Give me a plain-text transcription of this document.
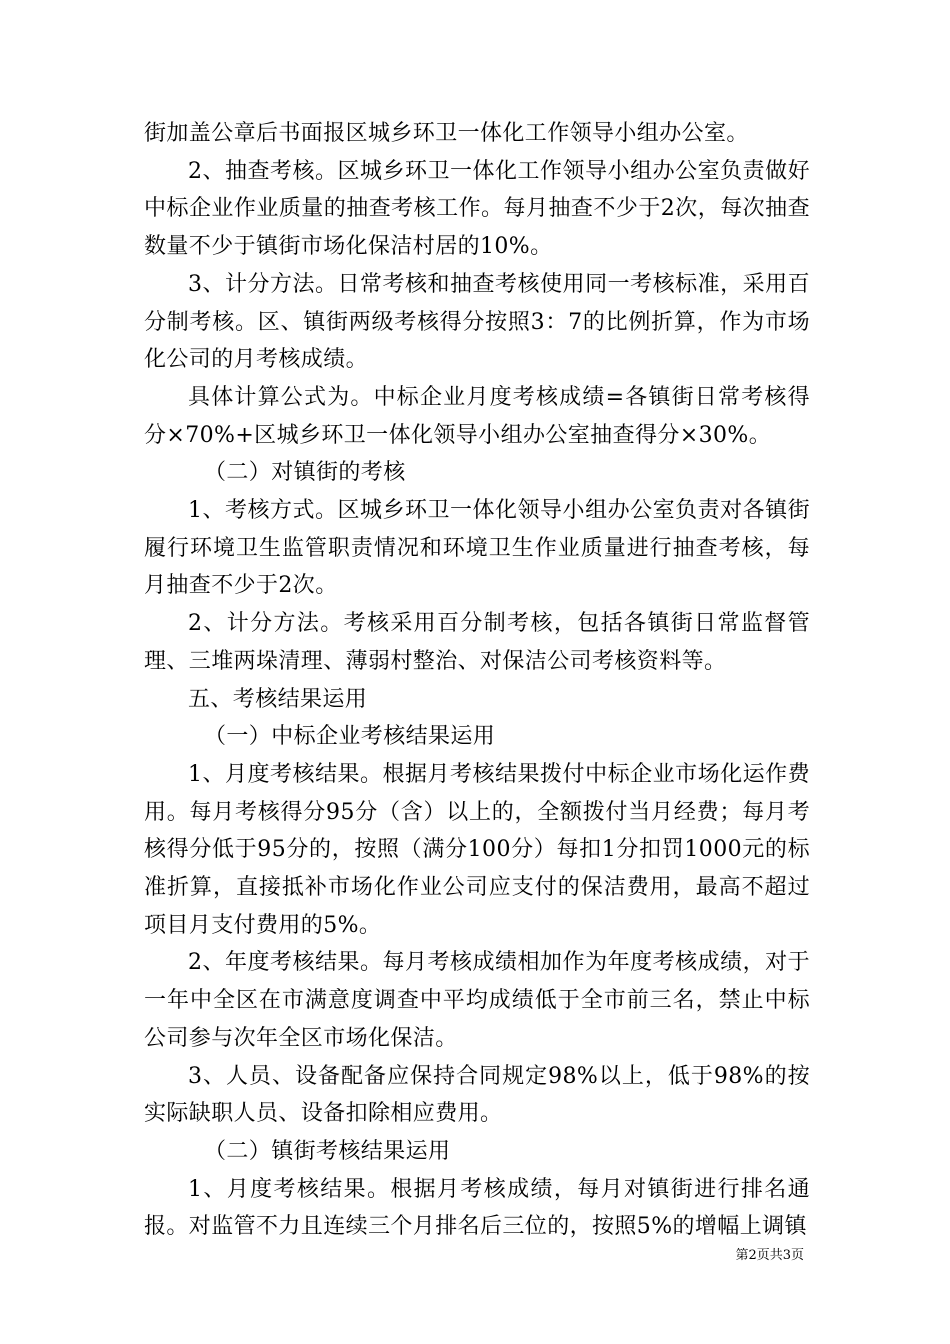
街加盖公章后书面报区城乡环卫一体化工作领导小组办公室。

2、抽查考核。区城乡环卫一体化工作领导小组办公室负责做好中标企业作业质量的抽查考核工作。每月抽查不少于2次，每次抽查数量不少于镇街市场化保洁村居的10%。

3、计分方法。日常考核和抽查考核使用同一考核标准，采用百分制考核。区、镇街两级考核得分按照3：7的比例折算，作为市场化公司的月考核成绩。

具体计算公式为。中标企业月度考核成绩=各镇街日常考核得分×70%+区城乡环卫一体化领导小组办公室抽查得分×30%。

（二）对镇街的考核

1、考核方式。区城乡环卫一体化领导小组办公室负责对各镇街履行环境卫生监管职责情况和环境卫生作业质量进行抽查考核，每月抽查不少于2次。

2、计分方法。考核采用百分制考核，包括各镇街日常监督管理、三堆两垛清理、薄弱村整治、对保洁公司考核资料等。

五、考核结果运用

（一）中标企业考核结果运用

1、月度考核结果。根据月考核结果拨付中标企业市场化运作费用。每月考核得分95分（含）以上的，全额拨付当月经费；每月考核得分低于95分的，按照（满分100分）每扣1分扣罚1000元的标准折算，直接抵补市场化作业公司应支付的保洁费用，最高不超过项目月支付费用的5%。

2、年度考核结果。每月考核成绩相加作为年度考核成绩，对于一年中全区在市满意度调查中平均成绩低于全市前三名，禁止中标公司参与次年全区市场化保洁。

3、人员、设备配备应保持合同规定98%以上，低于98%的按实际缺职人员、设备扣除相应费用。

（二）镇街考核结果运用

1、月度考核结果。根据月考核成绩，每月对镇街进行排名通报。对监管不力且连续三个月排名后三位的，按照5%的增幅上调镇

第2页共3页
